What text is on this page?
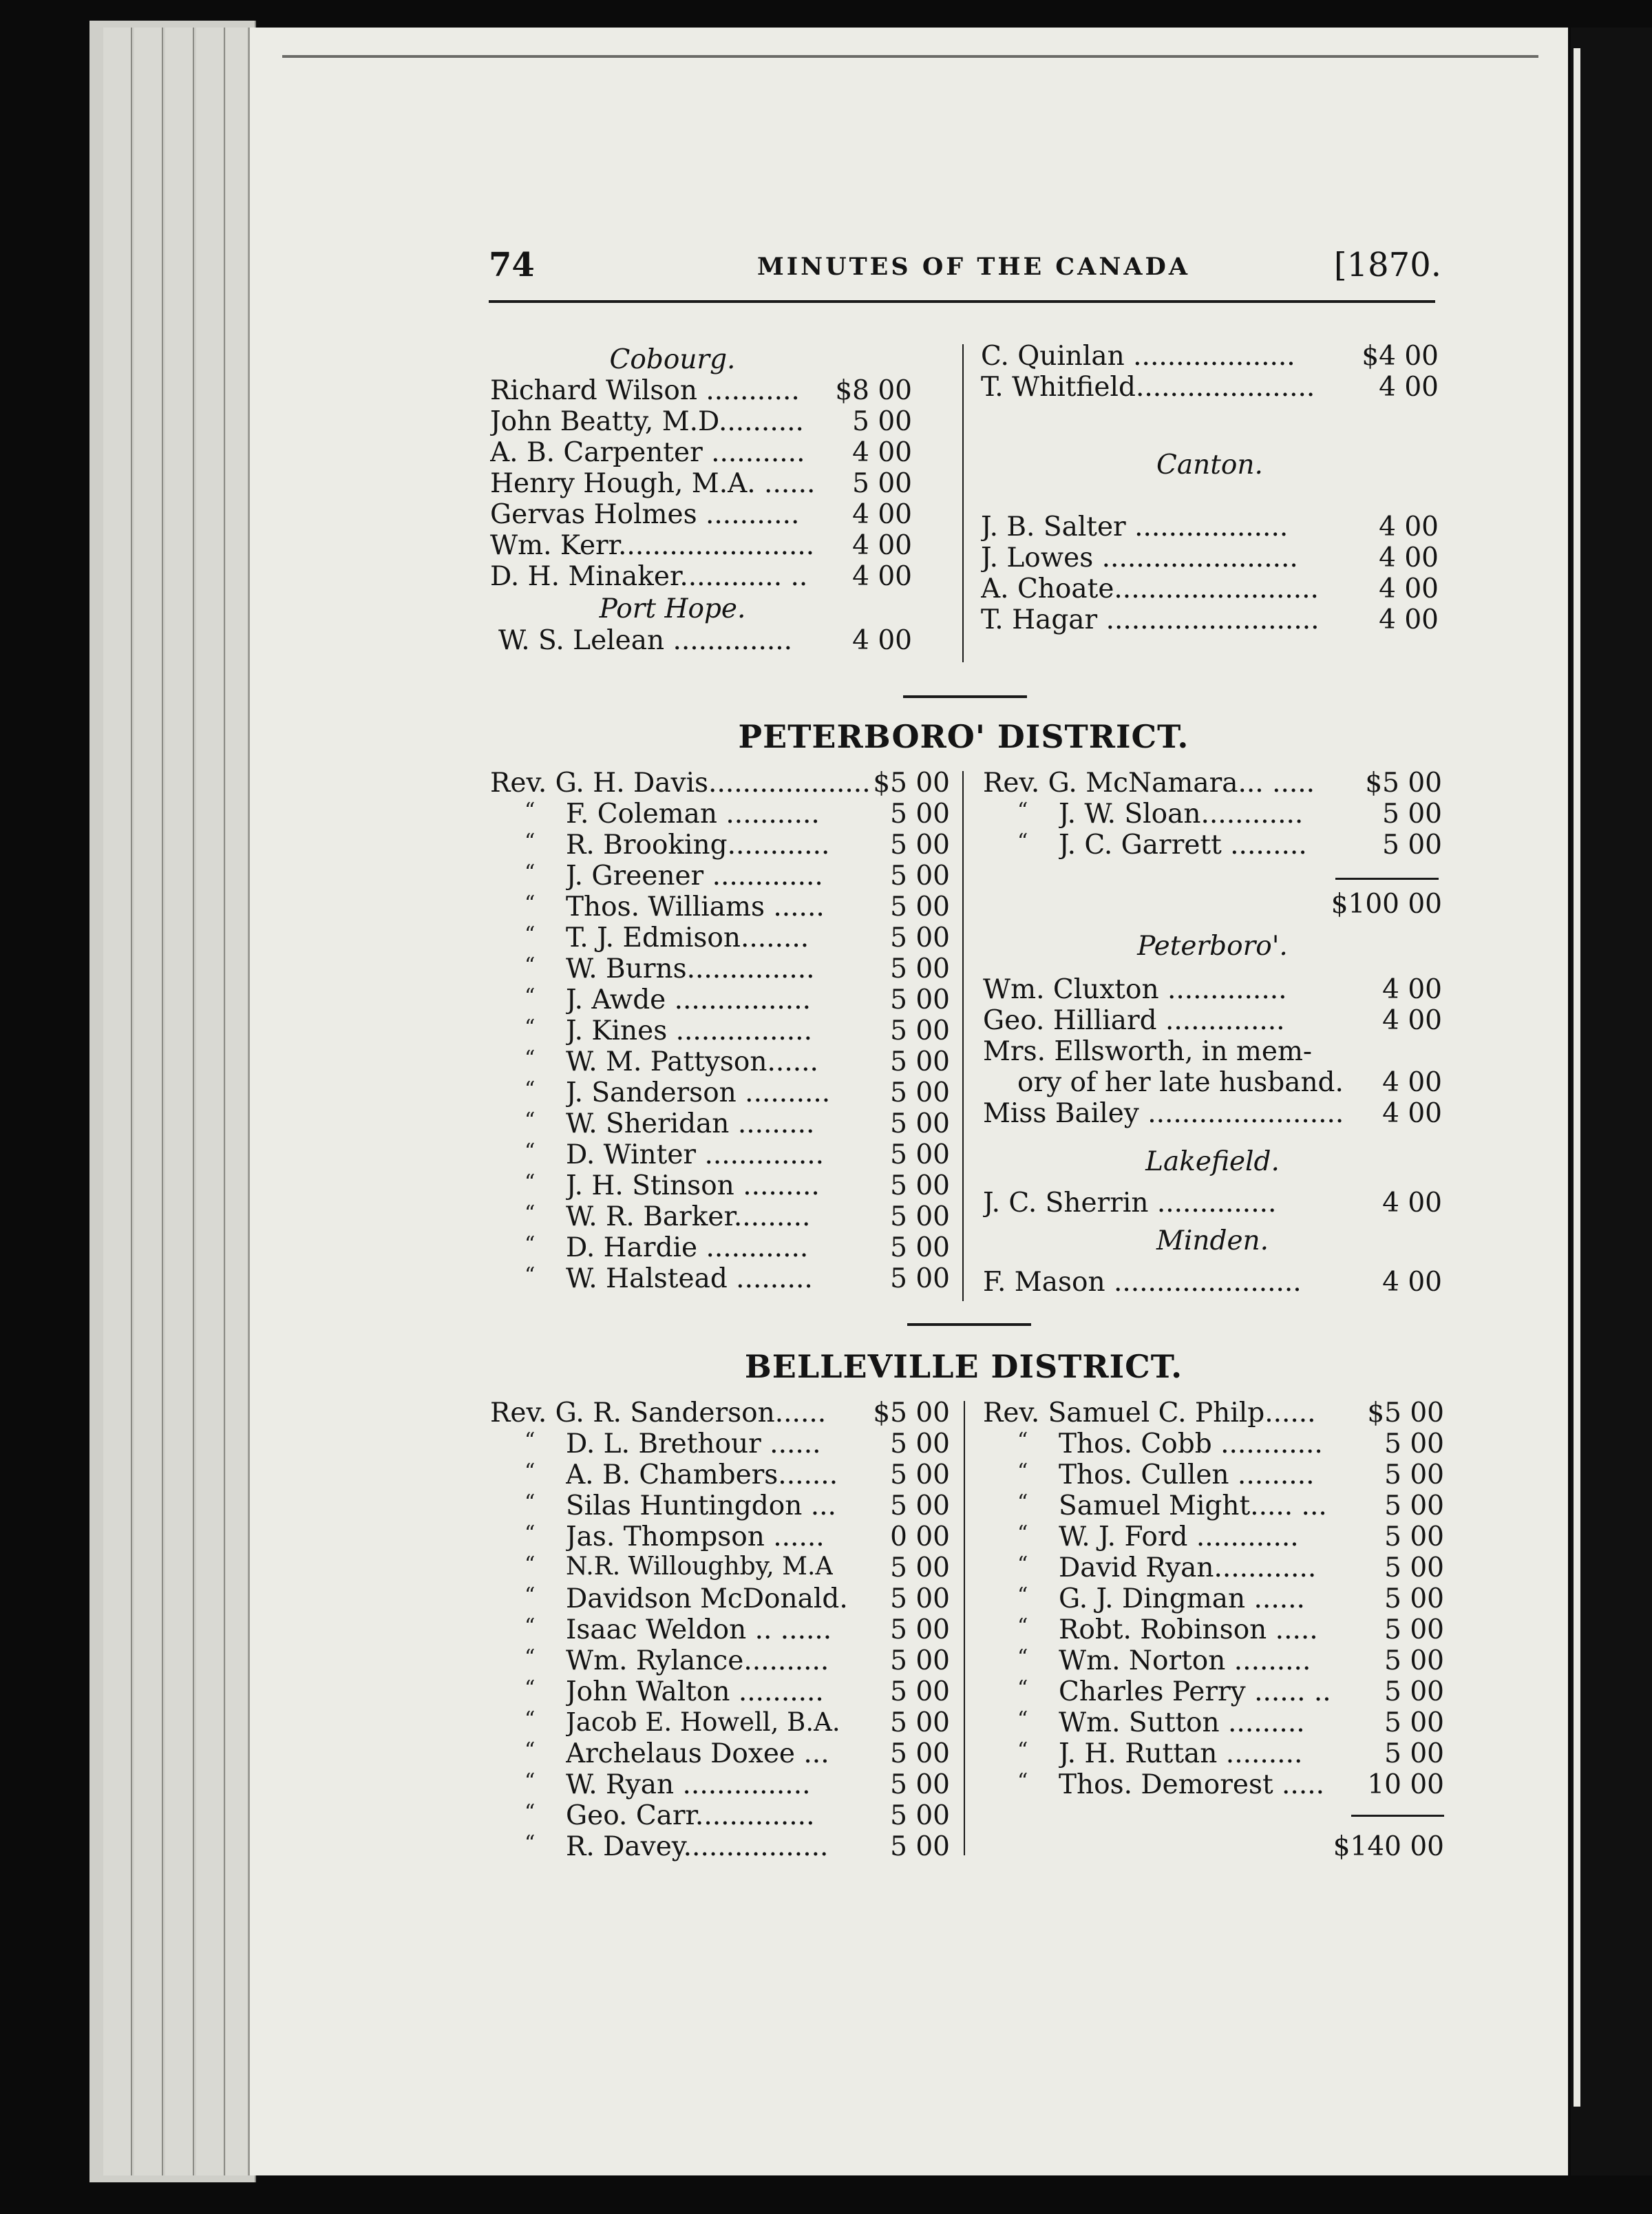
74	MINUTES OF THE CANADA	[1870.
Cobourg.
Richard Wilson ........... $8 00
John Beatty, M.D.......... 5 00
A. B. Carpenter ........... 4 00
Henry Hough, M.A. ...... 5 00
Gervas Holmes ........... 4 00
Wm. Kerr....................... 4 00
D. H. Minaker............ .. 4 00
Port Hope.
W. S. Lelean .............. 4 00
C. Quinlan ................... $4 00
T. Whitfield..................... 4 00
Canton.
J. B. Salter ..................	4 00
J. Lowes .......................	4 00
A. Choate........................ 4 00
T. Hagar ......................... 4 00
PETERBORO' DISTRICT.
Rev. G. H. Davis................... $5 00
“ F. Coleman ...........	5 00
“ R. Brooking............ 5 00
“ J. Greener ............. 5 00
“ Thos. Williams ...... 5 00
“ T. J. Edmison........	5 00
“ W. Burns...............	5 00
“ J. Awde ................	5 00
“ J. Kines ................	5 00
“ W. M. Pattyson......	5 00
“ J. Sanderson .......... 5 00
“ W. Sheridan .........	5 00
“ D. Winter .............. 5 00
“ J. H. Stinson .........	5 00
“ W. R. Barker.........	5 00
“ D. Hardie ............	5 00
“ W. Halstead .........	5 00
Rev. G. McNamara... ..... $5 00
“ J. W. Sloan............	5 00
“ J. C. Garrett .........	5 00
$100 00
Peterboro'.
Wm. Cluxton ..............	4 00
Geo. Hilliard ..............	4 00
Mrs. Ellsworth, in mem-
ory of her late husband. 4 00
Miss Bailey ....................... 4 00
Lakefield.
J. C. Sherrin ..............	4 00
Minden.
F. Mason ......................	4 00
BELLEVILLE DISTRICT.
Rev. G. R. Sanderson...... $5 00
“ D. L. Brethour ......	5 00
“ A. B. Chambers....... 5 00
“ Silas Huntingdon ... 5 00
“ Jas. Thompson ...... 0 00
“ N.R. Willoughby, M.A 5 00
“ Davidson McDonald. 5 00
“ Isaac Weldon .. ...... 5 00
“ Wm. Rylance.......... 5 00
“ John Walton .......... 5 00
“ Jacob E. Howell, B.A. 5 00
“ Archelaus Doxee ... 5 00
“ W. Ryan ...............	5 00
“ Geo. Carr..............	5 00
“ R. Davey................. 5 00
Rev. Samuel C. Philp...... $5 00
“ Thos. Cobb ............ 5 00
“ Thos. Cullen .........	5 00
“ Samuel Might..... ... 5 00
“ W. J. Ford ............	5 00
“ David Ryan............	5 00
“ G. J. Dingman ......	5 00
“ Robt. Robinson ..... 5 00
“ Wm. Norton .........	5 00
“ Charles Perry ...... .. 5 00
“ Wm. Sutton .........	5 00
“ J. H. Ruttan .........	5 00
“ Thos. Demorest ..... 10 00
$140 00
